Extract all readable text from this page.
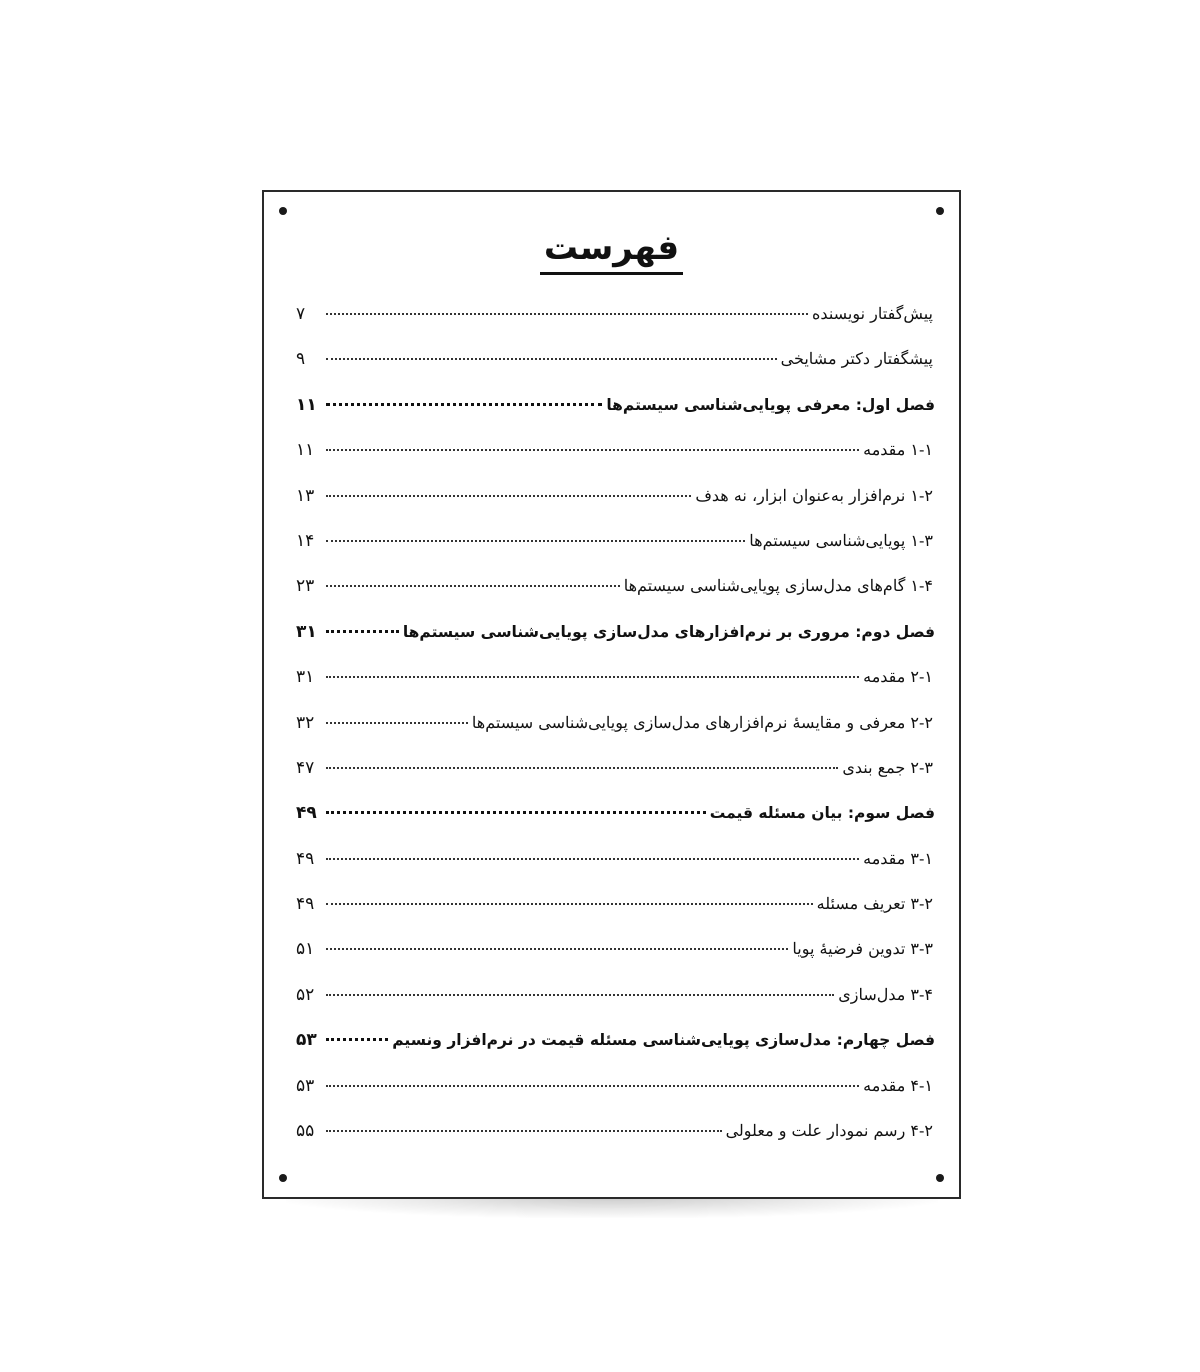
فهرست
پیش‌گفتار نویسنده
۷
پیشگفتار دکتر مشایخی
۹
فصل اول: معرفی پویایی‌شناسی سیستم‌ها
۱۱
۱-۱ مقدمه
۱۱
۱-۲ نرم‌افزار به‌عنوان ابزار، نه هدف
۱۳
۱-۳ پویایی‌شناسی سیستم‌ها
۱۴
۱-۴ گام‌های مدل‌سازی پویایی‌شناسی سیستم‌ها
۲۳
فصل دوم: مروری بر نرم‌افزارهای مدل‌سازی پویایی‌شناسی سیستم‌ها
۳۱
۲-۱ مقدمه
۳۱
۲-۲ معرفی و مقایسهٔ نرم‌افزارهای مدل‌سازی پویایی‌شناسی سیستم‌ها
۳۲
۲-۳ جمع بندی
۴۷
فصل سوم: بیان مسئله قیمت
۴۹
۳-۱ مقدمه
۴۹
۳-۲ تعریف مسئله
۴۹
۳-۳ تدوین فرضیهٔ پویا
۵۱
۳-۴ مدل‌سازی
۵۲
فصل چهارم: مدل‌سازی پویایی‌شناسی مسئله قیمت در نرم‌افزار ونسیم
۵۳
۴-۱ مقدمه
۵۳
۴-۲ رسم نمودار علت و معلولی
۵۵
